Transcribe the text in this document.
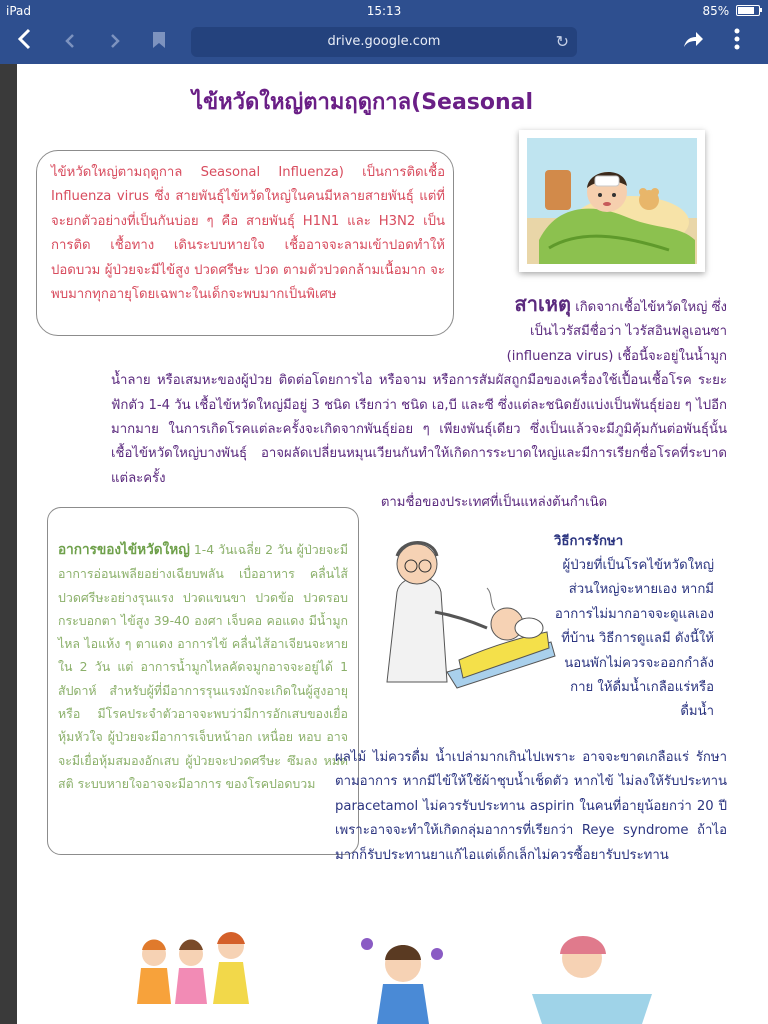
iPad	15:13	85%
drive.google.com	↻
ไข้หวัดใหญ่ตามฤดูกาล(Seasonal
ไข้หวัดใหญ่ตามฤดูกาล Seasonal Influenza) เป็นการติดเชื้อ Influenza virus ซึ่ง สายพันธุ์ไข้หวัดใหญ่ในคนมีหลายสายพันธุ์ แต่ที่จะยกตัวอย่างที่เป็นกันบ่อย ๆ คือ สายพันธุ์ H1N1 และ H3N2 เป็น การติด เชื้อทาง เดินระบบหายใจ เชื้ออาจจะลามเข้าปอดทำให้ปอดบวม ผู้ป่วยจะมีไข้สูง ปวดศรีษะ ปวด ตามตัวปวดกล้ามเนื้อมาก จะพบมากทุกอายุโดยเฉพาะในเด็กจะพบมากเป็นพิเศษ	สาเหตุ เกิดจากเชื้อไข้หวัดใหญ่ ซึ่ง

เป็นไวรัสมีชื่อว่า ไวรัสอินฟลูเอนซา

(influenza virus) เชื้อนี้จะอยู่ในน้ำมูก

น้ำลาย หรือเสมหะของผู้ป่วย ติดต่อโดยการไอ หรือจาม หรือการสัมผัสถูกมือของเครื่องใช้เปื้อนเชื้อโรค ระยะฟักตัว 1-4 วัน เชื้อไข้หวัดใหญ่มีอยู่ 3 ชนิด เรียกว่า ชนิด เอ,บี และซี ซึ่งแต่ละชนิดยังแบ่งเป็นพันธุ์ย่อย ๆ ไปอีกมากมาย ในการเกิดโรคแต่ละครั้งจะเกิดจากพันธุ์ย่อย ๆ เพียงพันธุ์เดียว ซึ่งเป็นแล้วจะมีภูมิคุ้มกันต่อพันธุ์นั้น เชื้อไข้หวัดใหญ่บางพันธุ์ อาจผลัดเปลี่ยนหมุนเวียนกันทำให้เกิดการระบาดใหญ่และมีการเรียกชื่อโรคที่ระบาดแต่ละครั้ง

ตามชื่อของประเทศที่เป็นแหล่งต้นกำเนิด

อาการของไข้หวัดใหญ่ 1-4 วันเฉลี่ย 2 วัน ผู้ป่วยจะมีอาการอ่อนเพลียอย่างเฉียบพลัน เบื่ออาหาร คลื่นไส้ ปวดศรีษะอย่างรุนแรง ปวดแขนขา ปวดข้อ ปวดรอบกระบอกตา ไข้สูง 39-40 องศา เจ็บคอ คอแดง มีน้ำมูกไหล ไอแห้ง ๆ ตาแดง อาการไข้ คลื่นไส้อาเจียนจะหายใน 2 วัน แต่ อาการน้ำมูกไหลคัดจมูกอาจจะอยู่ได้ 1 สัปดาห์ สำหรับผู้ที่มีอาการรุนแรงมักจะเกิดในผู้สูงอายุหรือ มีโรคประจำตัวอาจจะพบว่ามีการอักเสบของเยื่อหุ้มหัวใจ ผู้ป่วยจะมีอาการเจ็บหน้าอก เหนื่อย หอบ อาจจะมีเยื่อหุ้มสมองอักเสบ ผู้ป่วยจะปวดศรีษะ ซึมลง หมดสติ ระบบหายใจอาจจะมีอาการ ของโรคปอดบวม
วิธีการรักษา
ผู้ป่วยที่เป็นโรคไข้หวัดใหญ่ส่วนใหญ่จะหายเอง หากมีอาการไม่มากอาจจะดูแลเองที่บ้าน วิธีการดูแลมี ดังนี้ให้นอนพักไม่ควรจะออกกำลังกาย ให้ดื่มน้ำเกลือแร่หรือดื่มน้ำ
ผลไม้ ไม่ควรดื่ม น้ำเปล่ามากเกินไปเพราะ อาจจะขาดเกลือแร่ รักษาตามอาการ หากมีไข้ให้ใช้ผ้าชุบน้ำเช็ดตัว หากไข้ ไม่ลงให้รับประทาน paracetamol ไม่ควรรับประทาน aspirin ในคนที่อายุน้อยกว่า 20 ปีเพราะอาจจะทำให้เกิดกลุ่มอาการที่เรียกว่า Reye syndrome ถ้าไอ มากก็รับประทานยาแก้ไอแต่เด็กเล็กไม่ควรซื้อยารับประทาน
